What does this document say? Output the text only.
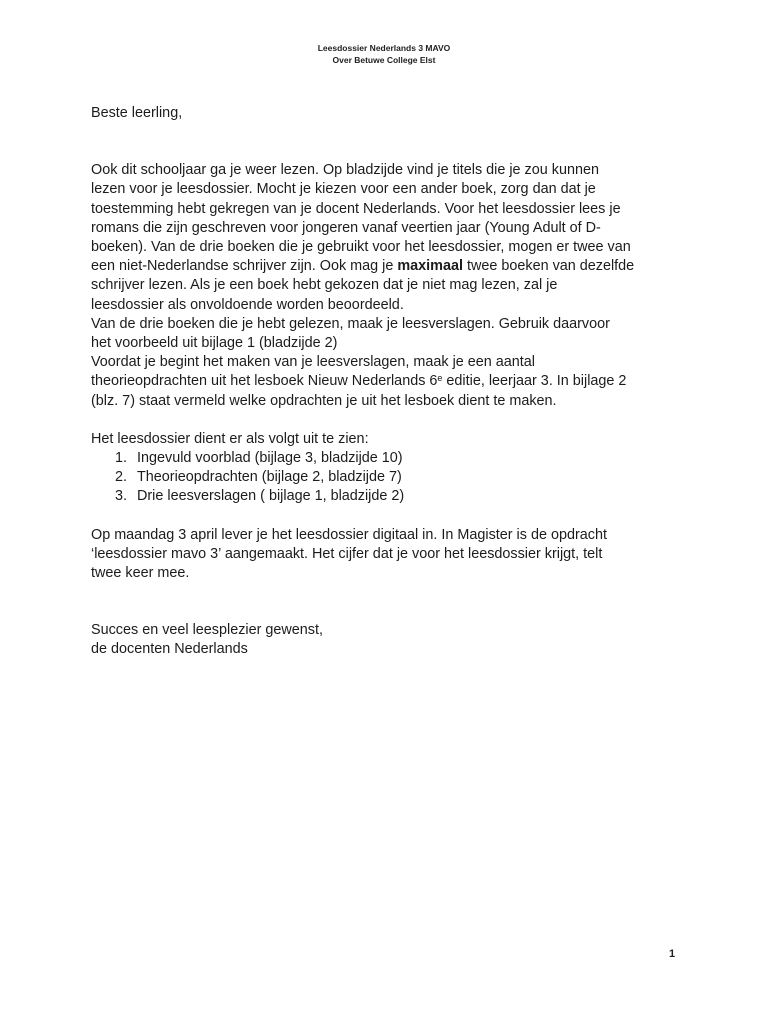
Leesdossier Nederlands 3 MAVO
Over Betuwe College Elst

Beste leerling,

Ook dit schooljaar ga je weer lezen. Op bladzijde vind je titels die je zou kunnen
lezen voor je leesdossier. Mocht je kiezen voor een ander boek, zorg dan dat je
toestemming hebt gekregen van je docent Nederlands. Voor het leesdossier lees je
romans die zijn geschreven voor jongeren vanaf veertien jaar (Young Adult of D-
boeken). Van de drie boeken die je gebruikt voor het leesdossier, mogen er twee van
een niet-Nederlandse schrijver zijn. Ook mag je maximaal twee boeken van dezelfde
schrijver lezen. Als je een boek hebt gekozen dat je niet mag lezen, zal je
leesdossier als onvoldoende worden beoordeeld.
Van de drie boeken die je hebt gelezen, maak je leesverslagen. Gebruik daarvoor
het voorbeeld uit bijlage 1 (bladzijde 2)
Voordat je begint het maken van je leesverslagen, maak je een aantal
theorieopdrachten uit het lesboek Nieuw Nederlands 6e editie, leerjaar 3. In bijlage 2
(blz. 7) staat vermeld welke opdrachten je uit het lesboek dient te maken.

Het leesdossier dient er als volgt uit te zien:

1. Ingevuld voorblad (bijlage 3, bladzijde 10)
2. Theorieopdrachten (bijlage 2, bladzijde 7)
3. Drie leesverslagen ( bijlage 1, bladzijde 2)
Op maandag 3 april lever je het leesdossier digitaal in. In Magister is de opdracht
‘leesdossier mavo 3’ aangemaakt. Het cijfer dat je voor het leesdossier krijgt, telt
twee keer mee.
Succes en veel leesplezier gewenst,
de docenten Nederlands
1
